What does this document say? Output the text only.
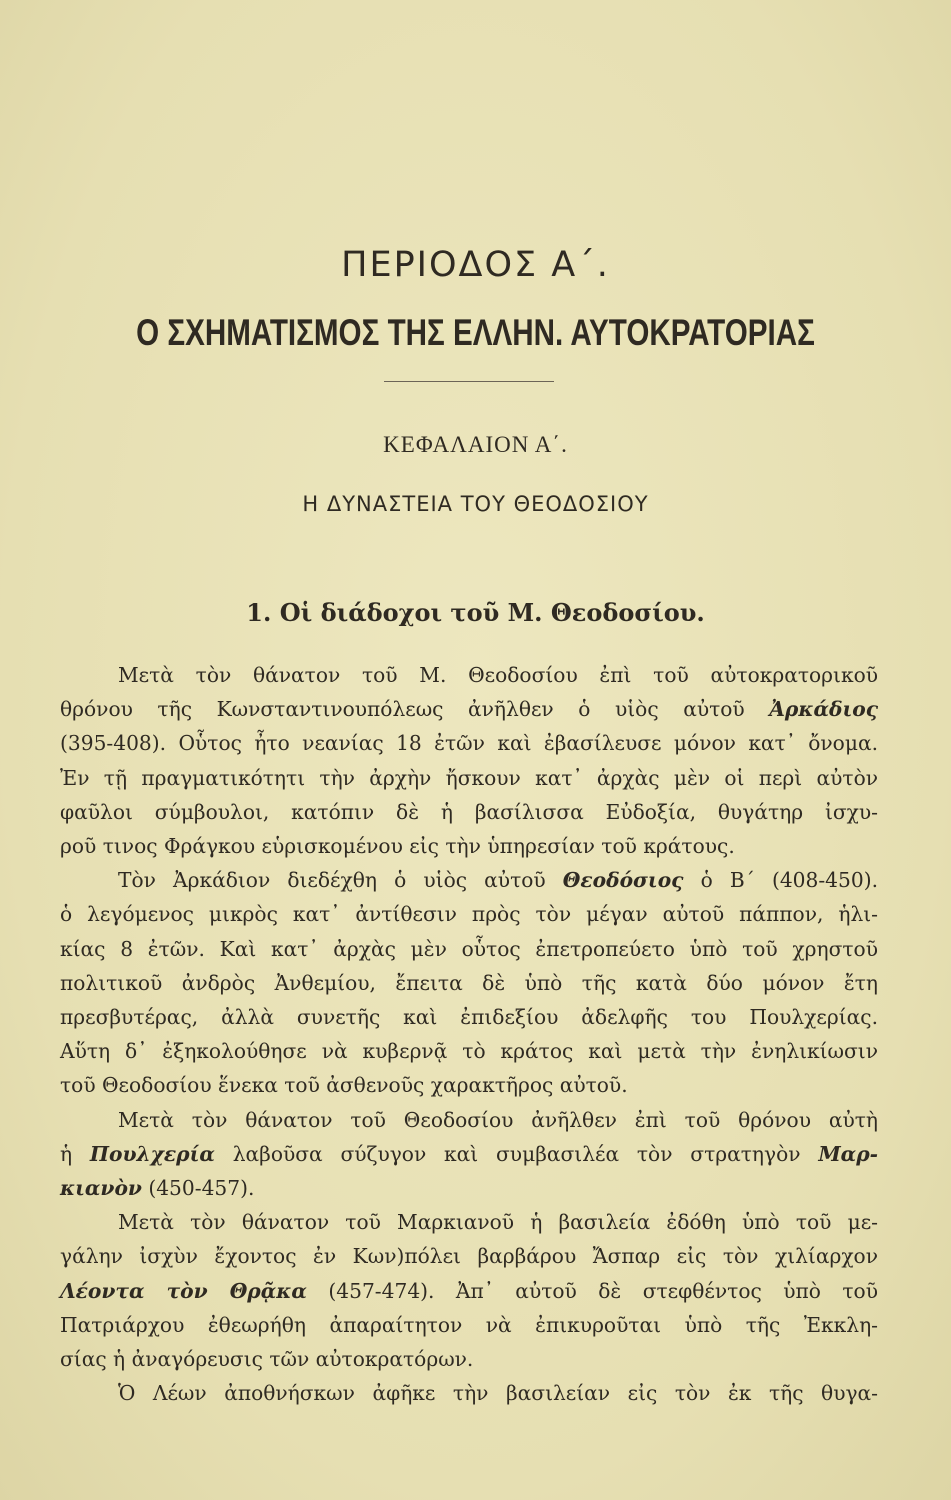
ΠΕΡΙΟΔΟΣ Α΄.
Ο ΣΧΗΜΑΤΙΣΜΟΣ ΤΗΣ ΕΛΛΗΝ. ΑΥΤΟΚΡΑΤΟΡΙΑΣ
ΚΕΦΑΛΑΙΟΝ Α΄.
Η ΔΥΝΑΣΤΕΙΑ ΤΟΥ ΘΕΟΔΟΣΙΟΥ
1. Οἱ διάδοχοι τοῦ Μ. Θεοδοσίου.

Μετὰ τὸν θάνατον τοῦ Μ. Θεοδοσίου ἐπὶ τοῦ αὐτοκρατορικοῦ
θρόνου τῆς Κωνσταντινουπόλεως ἀνῆλθεν ὁ υἱὸς αὐτοῦ Ἀρκάδιος
(395-408). Οὗτος ἦτο νεανίας 18 ἐτῶν καὶ ἐβασίλευσε μόνον κατ᾽ ὄνομα.
Ἐν τῇ πραγματικότητι τὴν ἀρχὴν ἤσκουν κατ᾽ ἀρχὰς μὲν οἱ περὶ αὐτὸν
φαῦλοι σύμβουλοι, κατόπιν δὲ ἡ βασίλισσα Εὐδοξία, θυγάτηρ ἰσχυ-
ροῦ τινος Φράγκου εὑρισκομένου εἰς τὴν ὑπηρεσίαν τοῦ κράτους.

Τὸν Ἀρκάδιον διεδέχθη ὁ υἱὸς αὐτοῦ Θεοδόσιος ὁ Β΄ (408-450).
ὁ λεγόμενος μικρὸς κατ᾽ ἀντίθεσιν πρὸς τὸν μέγαν αὐτοῦ πάππον, ἡλι-
κίας 8 ἐτῶν. Καὶ κατ᾽ ἀρχὰς μὲν οὗτος ἐπετροπεύετο ὑπὸ τοῦ χρηστοῦ
πολιτικοῦ ἀνδρὸς Ἀνθεμίου, ἔπειτα δὲ ὑπὸ τῆς κατὰ δύο μόνον ἔτη
πρεσβυτέρας, ἀλλὰ συνετῆς καὶ ἐπιδεξίου ἀδελφῆς του Πουλχερίας.
Αὕτη δ᾽ ἐξηκολούθησε νὰ κυβερνᾷ τὸ κράτος καὶ μετὰ τὴν ἐνηλικίωσιν
τοῦ Θεοδοσίου ἕνεκα τοῦ ἀσθενοῦς χαρακτῆρος αὐτοῦ.

Μετὰ τὸν θάνατον τοῦ Θεοδοσίου ἀνῆλθεν ἐπὶ τοῦ θρόνου αὐτὴ
ἡ Πουλχερία λαβοῦσα σύζυγον καὶ συμβασιλέα τὸν στρατηγὸν Μαρ-
κιανὸν (450-457).

Μετὰ τὸν θάνατον τοῦ Μαρκιανοῦ ἡ βασιλεία ἐδόθη ὑπὸ τοῦ με-
γάλην ἰσχὺν ἔχοντος ἐν Κων)πόλει βαρβάρου Ἄσπαρ εἰς τὸν χιλίαρχον
Λέοντα τὸν Θρᾷκα (457-474). Ἀπ᾽ αὐτοῦ δὲ στεφθέντος ὑπὸ τοῦ
Πατριάρχου ἐθεωρήθη ἀπαραίτητον νὰ ἐπικυροῦται ὑπὸ τῆς Ἐκκλη-
σίας ἡ ἀναγόρευσις τῶν αὐτοκρατόρων.

Ὁ Λέων ἀποθνήσκων ἀφῆκε τὴν βασιλείαν εἰς τὸν ἐκ τῆς θυγα-
